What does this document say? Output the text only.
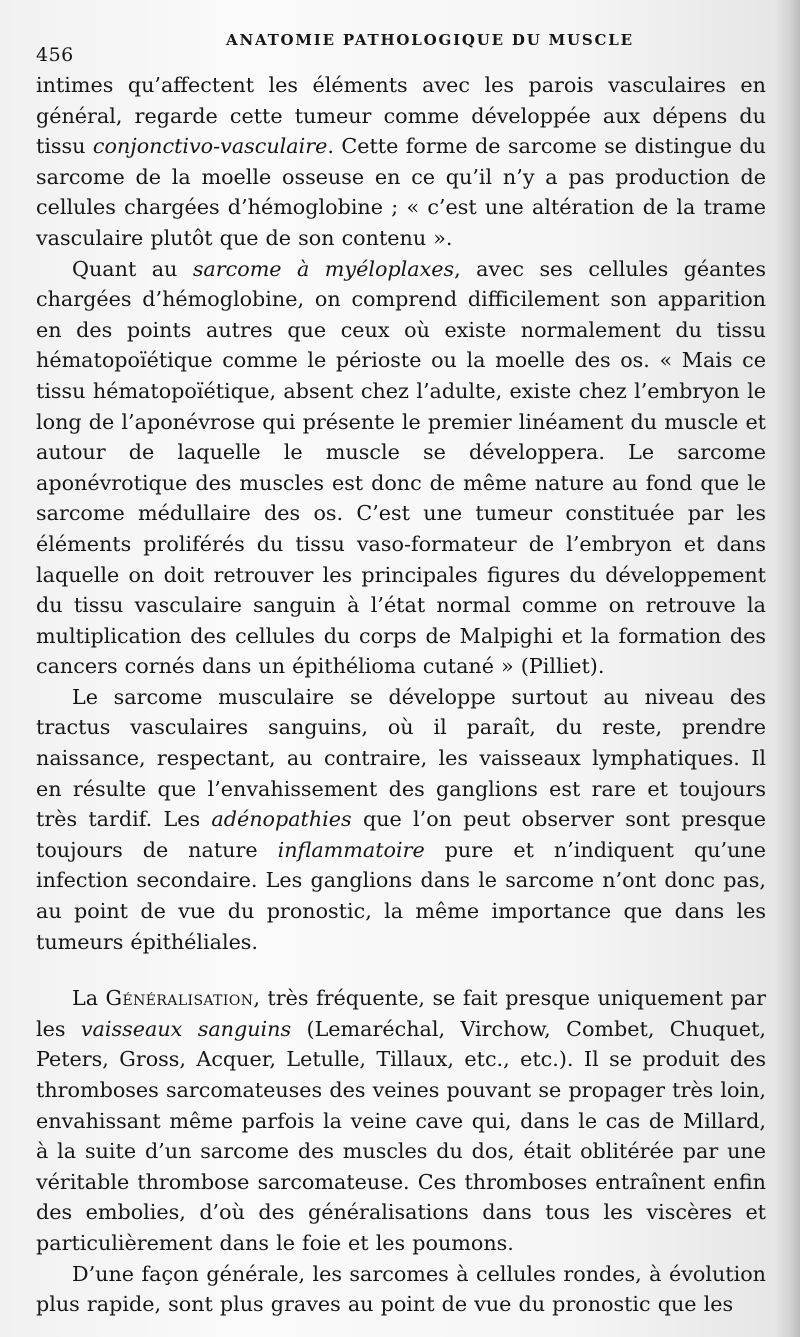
456
ANATOMIE PATHOLOGIQUE DU MUSCLE

intimes qu’affectent les éléments avec les parois vasculaires en général, regarde cette tumeur comme développée aux dépens du tissu conjonctivo-vasculaire. Cette forme de sarcome se distingue du sarcome de la moelle osseuse en ce qu’il n’y a pas production de cellules chargées d’hémoglobine ; « c’est une altération de la trame vasculaire plutôt que de son contenu ».

Quant au sarcome à myéloplaxes, avec ses cellules géantes chargées d’hémoglobine, on comprend difficilement son apparition en des points autres que ceux où existe normalement du tissu hématopoïétique comme le périoste ou la moelle des os. « Mais ce tissu hématopoïétique, absent chez l’adulte, existe chez l’embryon le long de l’aponévrose qui présente le premier linéament du muscle et autour de laquelle le muscle se développera. Le sarcome aponévrotique des muscles est donc de même nature au fond que le sarcome médullaire des os. C’est une tumeur constituée par les éléments proliférés du tissu vaso-formateur de l’embryon et dans laquelle on doit retrouver les principales figures du développement du tissu vasculaire sanguin à l’état normal comme on retrouve la multiplication des cellules du corps de Malpighi et la formation des cancers cornés dans un épithélioma cutané » (Pilliet).

Le sarcome musculaire se développe surtout au niveau des tractus vasculaires sanguins, où il paraît, du reste, prendre naissance, respectant, au contraire, les vaisseaux lymphatiques. Il en résulte que l’envahissement des ganglions est rare et toujours très tardif. Les adénopathies que l’on peut observer sont presque toujours de nature inflammatoire pure et n’indiquent qu’une infection secondaire. Les ganglions dans le sarcome n’ont donc pas, au point de vue du pronostic, la même importance que dans les tumeurs épithéliales.

La Généralisation, très fréquente, se fait presque uniquement par les vaisseaux sanguins (Lemaréchal, Virchow, Combet, Chuquet, Peters, Gross, Acquer, Letulle, Tillaux, etc., etc.). Il se produit des thromboses sarcomateuses des veines pouvant se propager très loin, envahissant même parfois la veine cave qui, dans le cas de Millard, à la suite d’un sarcome des muscles du dos, était oblitérée par une véritable thrombose sarcomateuse. Ces thromboses entraînent enfin des embolies, d’où des généralisations dans tous les viscères et particulièrement dans le foie et les poumons.

D’une façon générale, les sarcomes à cellules rondes, à évolution plus rapide, sont plus graves au point de vue du pronostic que les
